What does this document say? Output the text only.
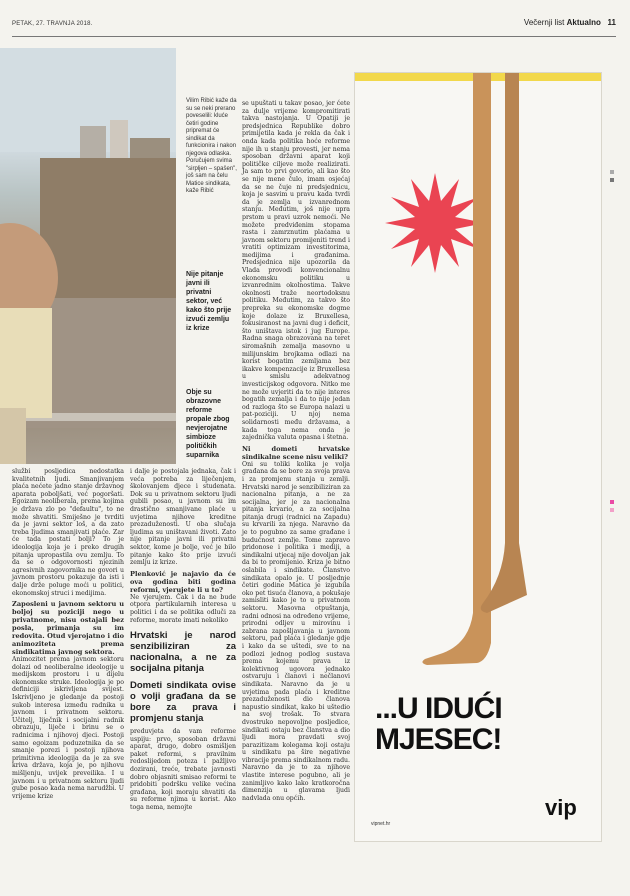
PETAK, 27. TRAVNJA 2018.	Večernji list Aktualno 11
Vilim Ribić kaže da su se neki prerano poveselili: kluće četiri godine pripremat će sindikat da funkcionira i nakon njegova odlaska. Poručujem svima "sirpljen – spašen", još sam na čelu Matice sindikata, kaže Ribić
Nije pitanje javni ili privatni sektor, već kako što prije izvući zemlju iz krize
Obje su obrazovne reforme propale zbog nevjerojatne simbioze političkih suparnika

službi posljedica nedostatka kvalitetnih ljudi. Smanjivanjem plaća nećete jadno stanje državnog aparata poboljšati, već pogoršati. Egoizam neoliberala, prema kojima je država zlo po "defaultu", to ne može shvatiti. Smiješno je tvrditi da je javni sektor loš, a da zato treba ljudima smanjivati plaće. Zar će tada postati bolji? To je ideologija koja je i preko drugih pitanja upropastila ovu zemlju. To da se o odgovornosti njezinih agresivnih zagovornika ne govori u javnom prostoru pokazuje da isti i dalje drže poluge moći u politici, ekonomskoj struci i medijima.

Zaposleni u javnom sektoru u boljoj su poziciji nego u privatnome, nisu ostajali bez posla, primanja su im redovita. Otud vjerojatno i dio animoziteta prema sindikatima javnog sektora.

Animozitet prema javnom sektoru dolazi od neoliberalne ideologije u medijskom prostoru i u dijelu ekonomske struke. Ideologija je po definiciji iskrivljena svijest. Iskrivljeno je gledanje da postoji sukob interesa između radnika u javnom i privatnom sektoru. Učitelj, liječnik i socijalni radnik obrazuju, liječe i brinu se o radnicima i njihovoj djeci. Postoji samo egoizam poduzetnika da se smanje porezi i postoji njihova primitivna ideologija da je za sve kriva država, koja je, po njihovu mišljenju, uvijek preveilika. I u javnom i u privatnom sektoru ljudi gube posao kada nema narudžbi. U vrijeme krize

i dalje je postojala jednaka, čak i veća potreba za liječenjem, školovanjem djece i studenata. Dok su u privatnom sektoru ljudi gubili posao, u javnom su im drastično smanjivane plaće u uvjetima njihove kreditne prezaduženosti. U oba slučaja ljudima su uništavani životi. Zato nije pitanje javni ili privatni sektor, kome je bolje, već je bilo pitanje kako što prije izvući zemlju iz krize.

Plenković je najavio da će ova godina biti godina reformi, vjerujete li u to?

Ne vjerujem. Čak i da ne bude otpora partikularnih interesa u politici i da se politika odluči za reforme, morate imati nekoliko

Hrvatski je narod senzibiliziran za nacionalna, a ne za socijalna pitanja
Dometi sindikata ovise o volji građana da se bore za prava i promjenu stanja

preduvjeta da vam reforme uspiju: prvo, sposoban državni aparat, drugo, dobro osmišljen paket reformi, s pravilnim redoslijedom poteza i pažljivo dozirani, treće, trebate javnosti dobro objasniti smisao reformi te pridobiti podršku velike većina građana, koji moraju shvatiti da su reforme njima u korist. Ako toga nema, nemojte

se upuštati u takav posao, jer ćete za dulje vrijeme kompromitirati takva nastojanja. U Opatiji je predsjednica Republike dobro primijetila kada je rekla da čak i onda kada politika hoće reforme nije ih u stanju provesti, jer nema sposoban državni aparat koji političke ciljeve može realizirati. Ja sam to prvi govorio, ali kao što se nije mene čulo, imam osjećaj da se ne čuje ni predsjednicu, koja je sasvim u pravu kada tvrdi da je zemlja u izvanrednom stanju. Međutim, još nije upra prstom u pravi uzrok nemoći. Ne možete predviđenim stopama rasta i zamrznutim plaćama u javnom sektoru promijeniti trend i vratiti optimizam investitorima, medijima i građanima. Predsjednica nije upozorila da Vlada provodi konvencionalnu ekonomsku politiku u izvanrednim okolnostima. Takve okolnosti traže neortodoksnu politiku. Međutim, za takvo što prepreka su ekonomske dogme koje dolaze iz Bruxellesa, fokusiranost na javni dug i deficit, što uništava istok i jug Europe. Radna snaga obrazovana na teret siromašnih zemalja masovno u milijunskim brojkama odlazi na korist bogatim zemljama bez ikakve kompenzacije iz Bruxellesa u smislu adekvatnog investicijskog odgovora. Nitko me ne može uvjeriti da to nije interes bogatih zemalja i da to nije jedan od razloga što se Europa nalazi u pat-poziciji. U njoj nema solidarnosti među državama, a kada toga nema onda je zajednička valuta opasna i štetna.

Ni dometi hrvatske sindikalne scene nisu veliki?

Oni su toliki kolika je volja građana da se bore za svoja prava i za promjenu stanja u zemlji. Hrvatski narod je senzibiliziran za nacionalna pitanja, a ne za socijalna, jer je za nacionalna pitanja krvario, a za socijalna pitanja drugi (radnici na Zapadu) su krvarili za njega. Naravno da je to pogubno za same građane i budućnost zemlje. Tome zapravo pridonose i politika i mediji, a sindikalni utjecaj nije dovoljan jak da bi to promijenio. Kriza je bitno oslabila i sindikate. Članstvo sindikata opalo je. U posljednje četiri godine Matica je izgubila oko pet tisuća članova, a pokušaje zamisliti kako je to u privatnom sektoru. Masovna otpuštanja, radni odnosi na određeno vrijeme, prirodni odljev u mirovinu i zabrana zapošljavanja u javnom sektoru, pad plaća i gledanje gdje i kako da se uštedi, sve to na podlozi jednog podlog sustava prema kojemu prava iz kolektivnog ugovora jednako ostvaruju i članovi i nečlanovi sindikata. Naravno da je u uvjetima pada plaća i kreditne prezaduženosti dio članova napustio sindikat, kako bi uštedio na svoj trošak. To stvara dvostruko nepovoljne posljedice, sindikati ostaju bez članstva a dio ljudi mora pravdati svoj parazitizam kolegama koji ostaju u sindikatu pa šire negativne vibracije prema sindikalnom radu. Naravno da je to za njihove vlastite interese pogubno, ali je zanimljivo kako lako kratkoročna dimenzija u glavama ljudi nadvlada onu općih.

...U IDUĆI
MJESEC!
vipnet.hr
vip
